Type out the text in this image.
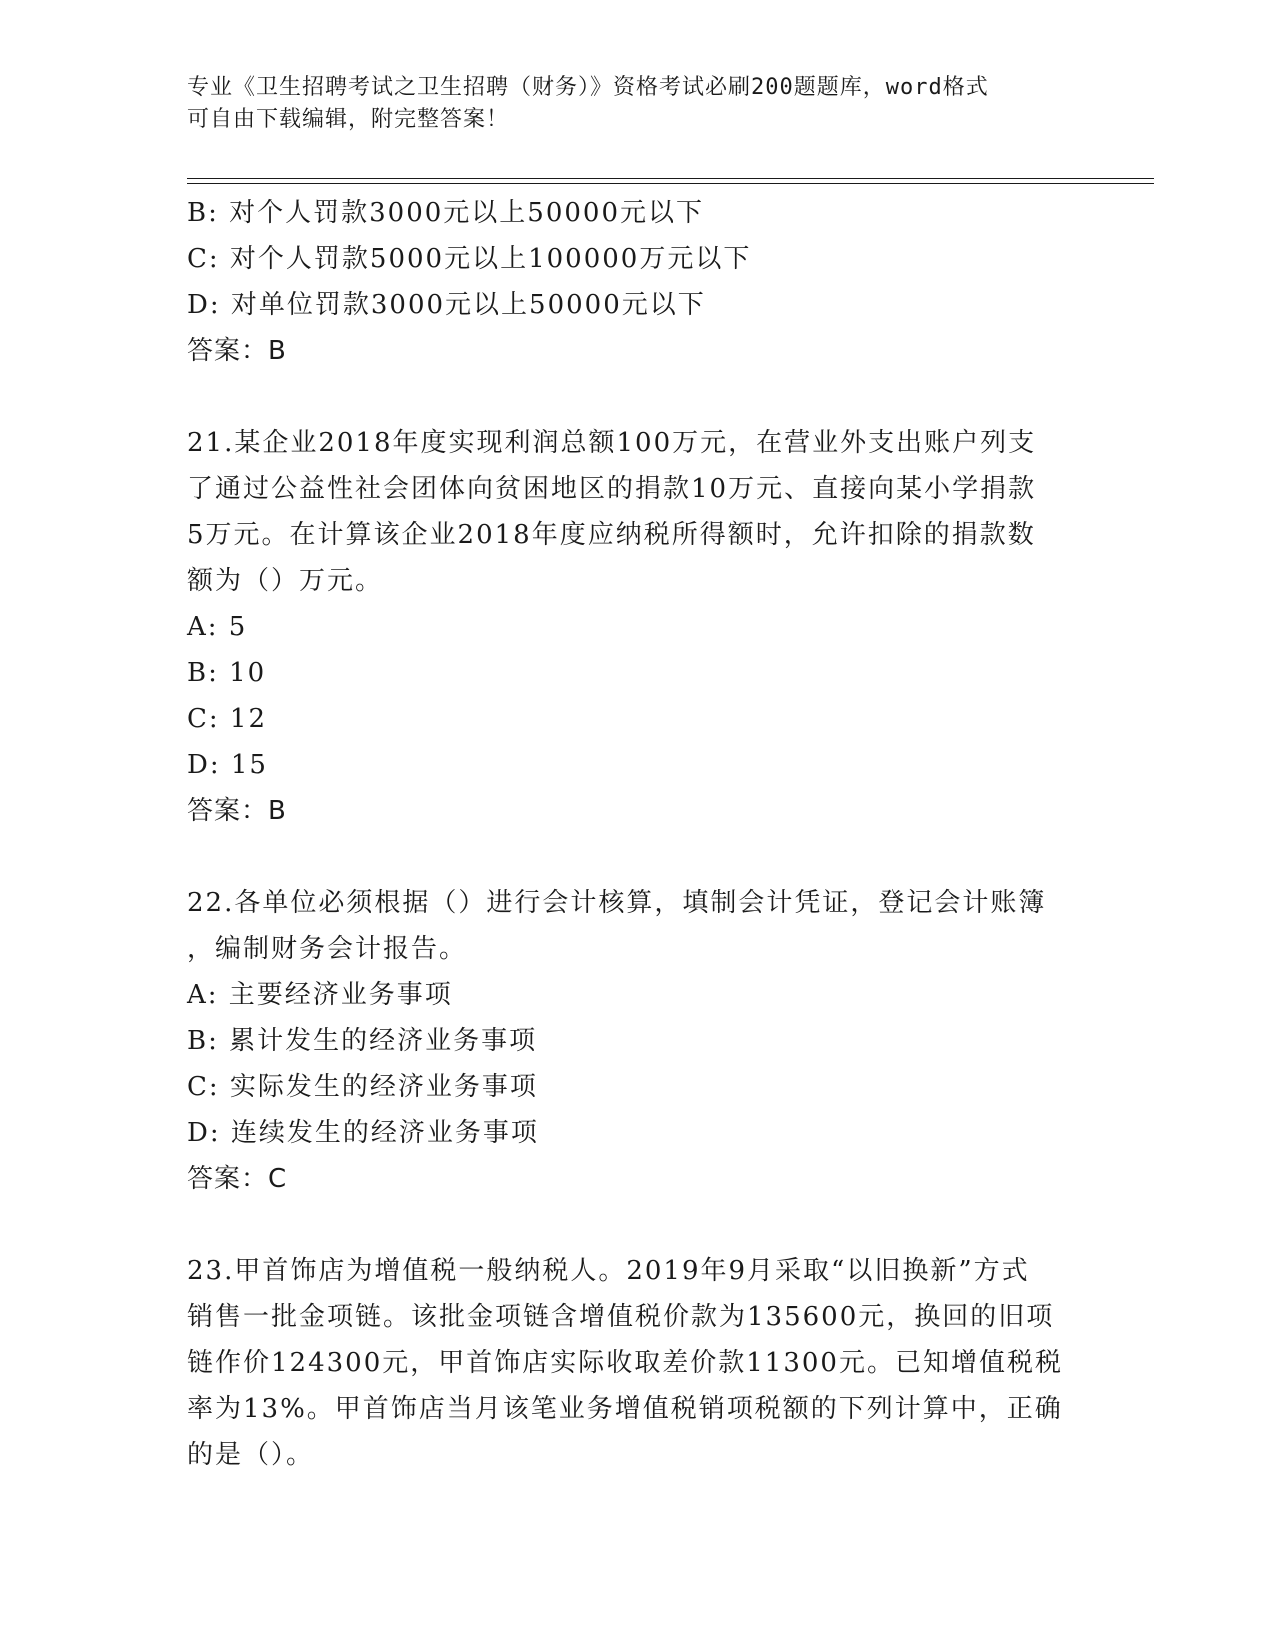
专业《卫生招聘考试之卫生招聘（财务）》资格考试必刷200题题库，word格式
可自由下载编辑，附完整答案！
B: 对个人罚款3000元以上50000元以下
C: 对个人罚款5000元以上100000万元以下
D: 对单位罚款3000元以上50000元以下
答案：B
21.某企业2018年度实现利润总额100万元，在营业外支出账户列支
了通过公益性社会团体向贫困地区的捐款10万元、直接向某小学捐款
5万元。在计算该企业2018年度应纳税所得额时，允许扣除的捐款数
额为（）万元。
A: 5
B: 10
C: 12
D: 15
答案：B
22.各单位必须根据（）进行会计核算，填制会计凭证，登记会计账簿
，编制财务会计报告。
A: 主要经济业务事项
B: 累计发生的经济业务事项
C: 实际发生的经济业务事项
D: 连续发生的经济业务事项
答案：C
23.甲首饰店为增值税一般纳税人。2019年9月采取“以旧换新”方式
销售一批金项链。该批金项链含增值税价款为135600元，换回的旧项
链作价124300元，甲首饰店实际收取差价款11300元。已知增值税税
率为13%。甲首饰店当月该笔业务增值税销项税额的下列计算中，正确
的是（）。
